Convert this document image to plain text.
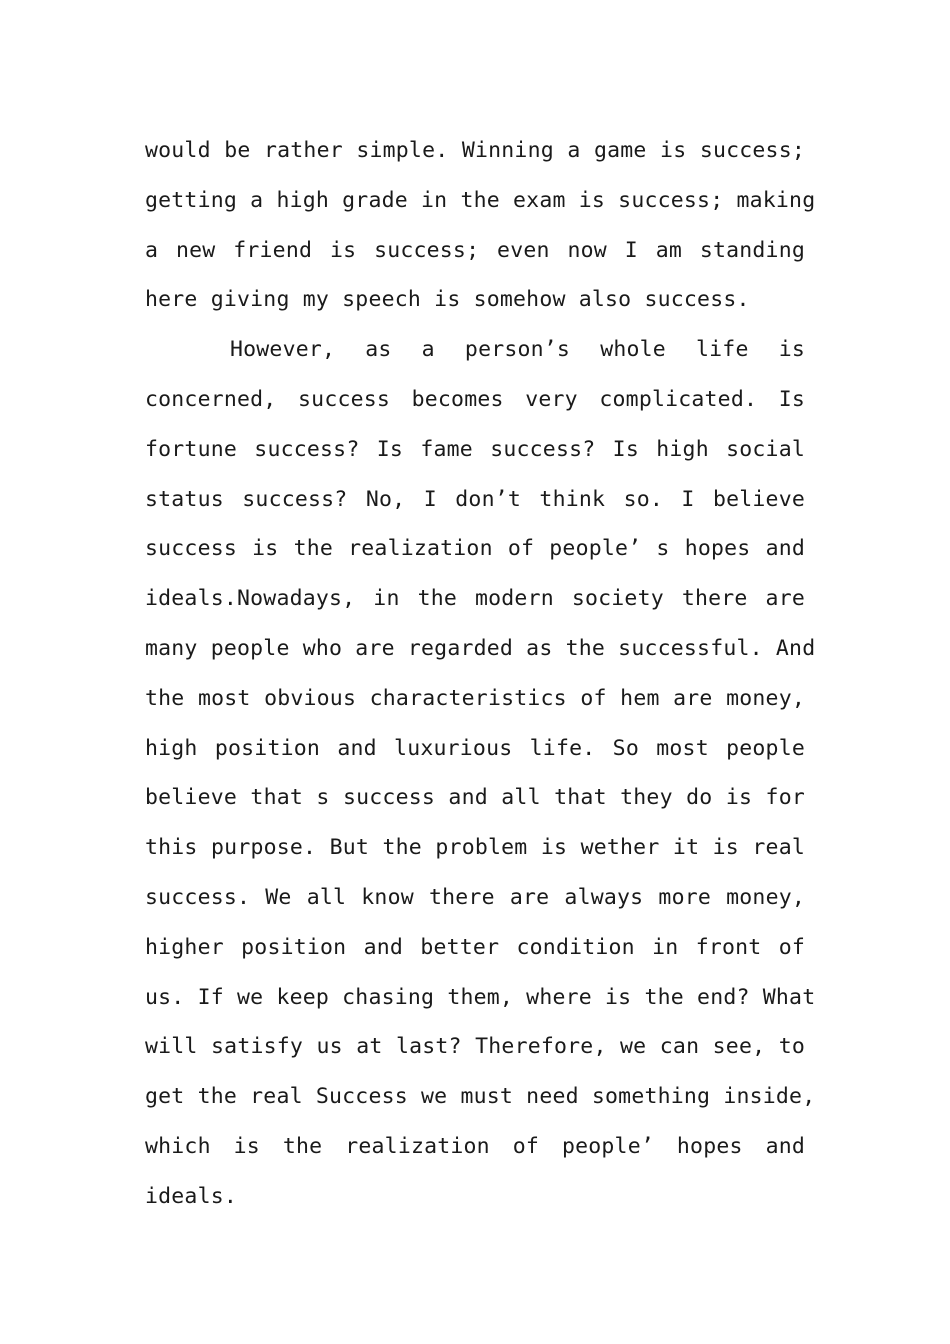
would be rather simple. Winning a game is success;
getting a high grade in the exam is success; making
a new friend is success; even now I am standing
here giving my speech is somehow also success.
However, as a person’s whole life is
concerned, success becomes very complicated. Is
fortune success? Is fame success? Is high social
status success? No, I don’t think so. I believe
success is the realization of people’ s hopes and
ideals.Nowadays, in the modern society there are
many people who are regarded as the successful. And
the most obvious characteristics of hem are money,
high position and luxurious life. So most people
believe that s success and all that they do is for
this purpose. But the problem is wether it is real
success. We all know there are always more money,
higher position and better condition in front of
us. If we keep chasing them, where is the end? What
will satisfy us at last? Therefore, we can see, to
get the real Success we must need something inside,
which is the realization of people’ hopes and
ideals.
